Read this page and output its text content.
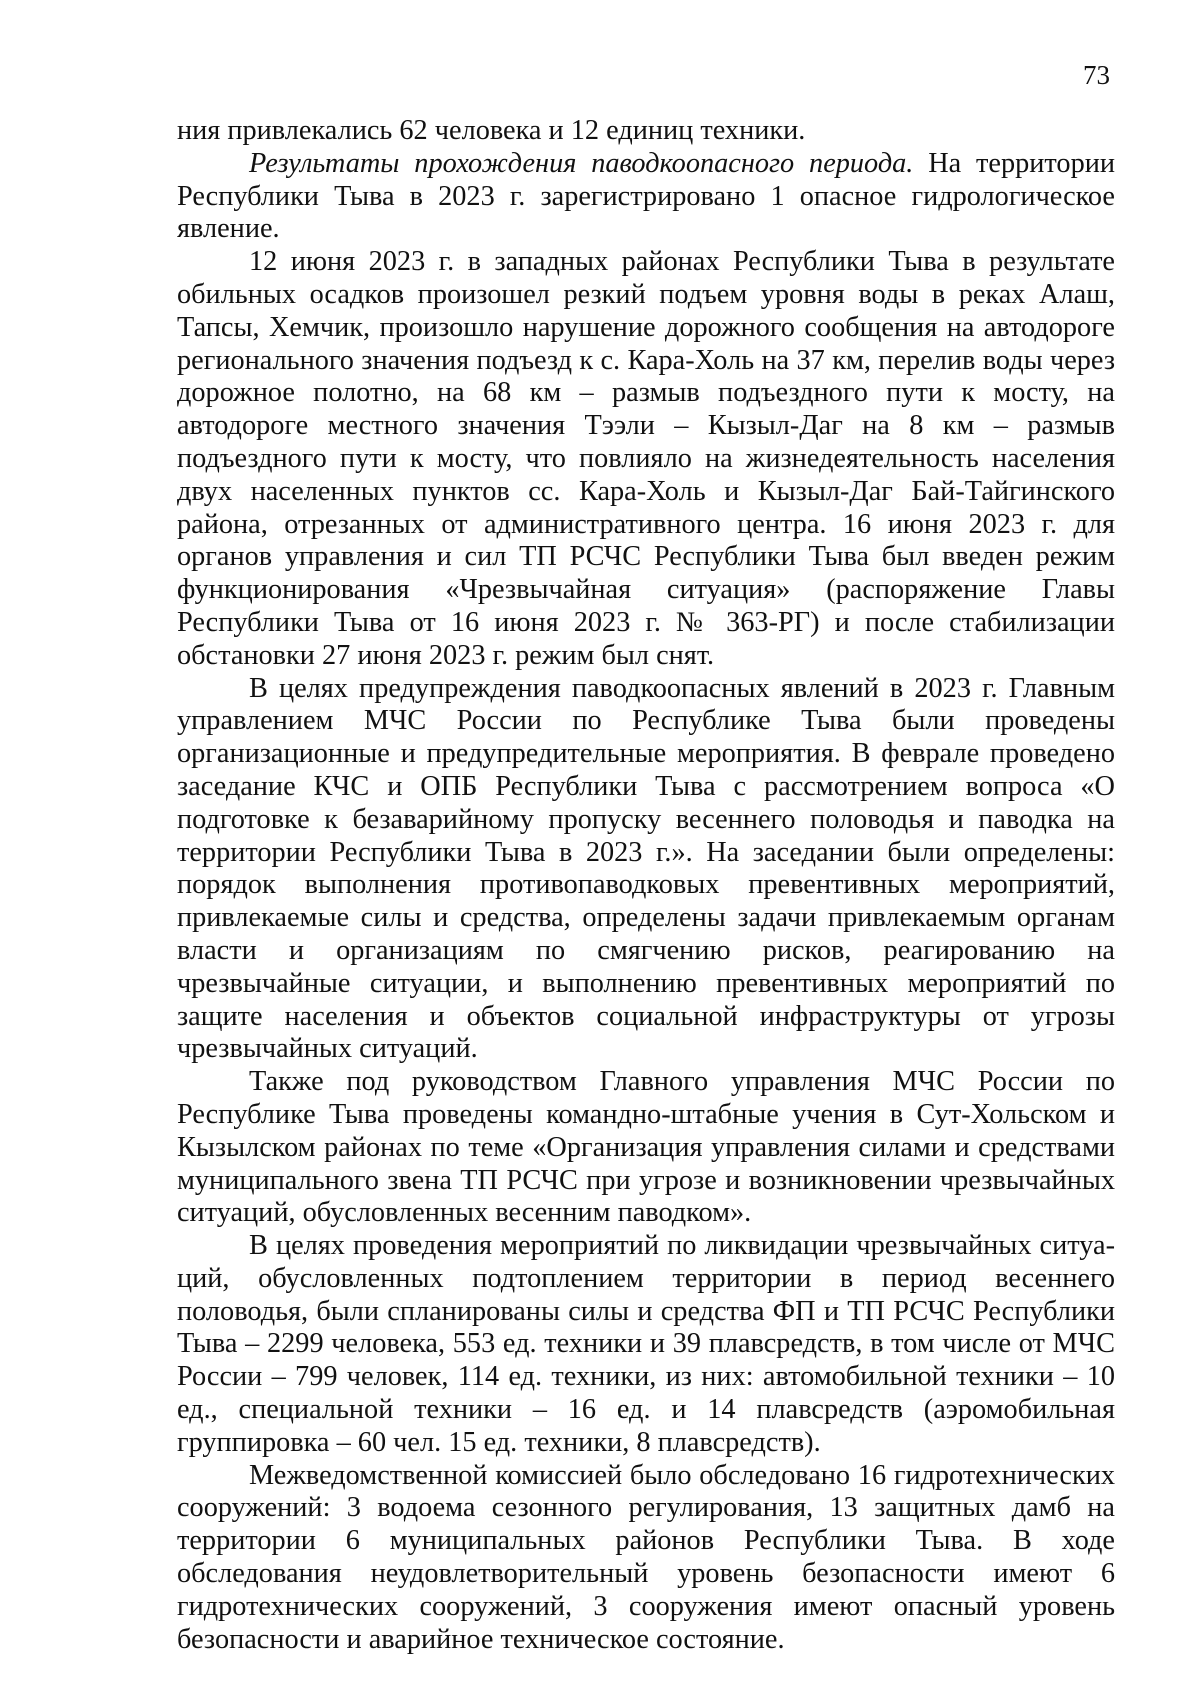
73

ния привлекались 62 человека и 12 единиц техники.

Результаты прохождения паводкоопасного периода. На территории Республики Тыва в 2023 г. зарегистрировано 1 опасное гидрологическое явление.

12 июня 2023 г. в западных районах Республики Тыва в результате обильных осадков произошел резкий подъем уровня воды в реках Алаш, Тапсы, Хемчик, произошло нарушение дорожного сообщения на автодороге регионального значения подъезд к с. Кара-Холь на 37 км, перелив воды через дорожное полотно, на 68 км – размыв подъездного пути к мосту, на автодороге местного значения Тээли – Кызыл-Даг на 8 км – размыв подъездного пути к мосту, что повлияло на жизнедеятельность населения двух населенных пунктов сс. Кара-Холь и Кызыл-Даг Бай-Тайгинского района, отрезанных от административного центра. 16 июня 2023 г. для органов управления и сил ТП РСЧС Республики Тыва был введен режим функционирования «Чрезвычайная ситуация» (распоряжение Главы Республики Тыва от 16 июня 2023 г. № 363-РГ) и после стабилизации обстановки 27 июня 2023 г. режим был снят.

В целях предупреждения паводкоопасных явлений в 2023 г. Главным управлением МЧС России по Республике Тыва были проведены организационные и предупредительные мероприятия. В феврале проведено заседание КЧС и ОПБ Республики Тыва с рассмотрением вопроса «О подготовке к безаварийному пропуску весеннего половодья и паводка на территории Республики Тыва в 2023 г.». На заседании были определены: порядок выполнения противопаводковых превентивных мероприятий, привлекаемые силы и средства, определены задачи привлекаемым органам власти и организациям по смягчению рисков, реагированию на чрезвычайные ситуации, и выполнению превентивных мероприятий по защите населения и объектов социальной инфраструктуры от угрозы чрезвычайных ситуаций.

Также под руководством Главного управления МЧС России по Республике Тыва проведены командно-штабные учения в Сут-Хольском и Кызылском районах по теме «Организация управления силами и средствами муниципального звена ТП РСЧС при угрозе и возникновении чрезвычайных ситуаций, обусловленных весенним паводком».

В целях проведения мероприятий по ликвидации чрезвычайных ситуаций, обусловленных подтоплением территории в период весеннего половодья, были спланированы силы и средства ФП и ТП РСЧС Республики Тыва – 2299 человека, 553 ед. техники и 39 плавсредств, в том числе от МЧС России – 799 человек, 114 ед. техники, из них: автомобильной техники – 10 ед., специальной техники – 16 ед. и 14 плавсредств (аэромобильная группировка – 60 чел. 15 ед. техники, 8 плавсредств).

Межведомственной комиссией было обследовано 16 гидротехнических сооружений: 3 водоема сезонного регулирования, 13 защитных дамб на территории 6 муниципальных районов Республики Тыва. В ходе обследования неудовлетворительный уровень безопасности имеют 6 гидротехнических сооружений, 3 сооружения имеют опасный уровень безопасности и аварийное техническое состояние.
